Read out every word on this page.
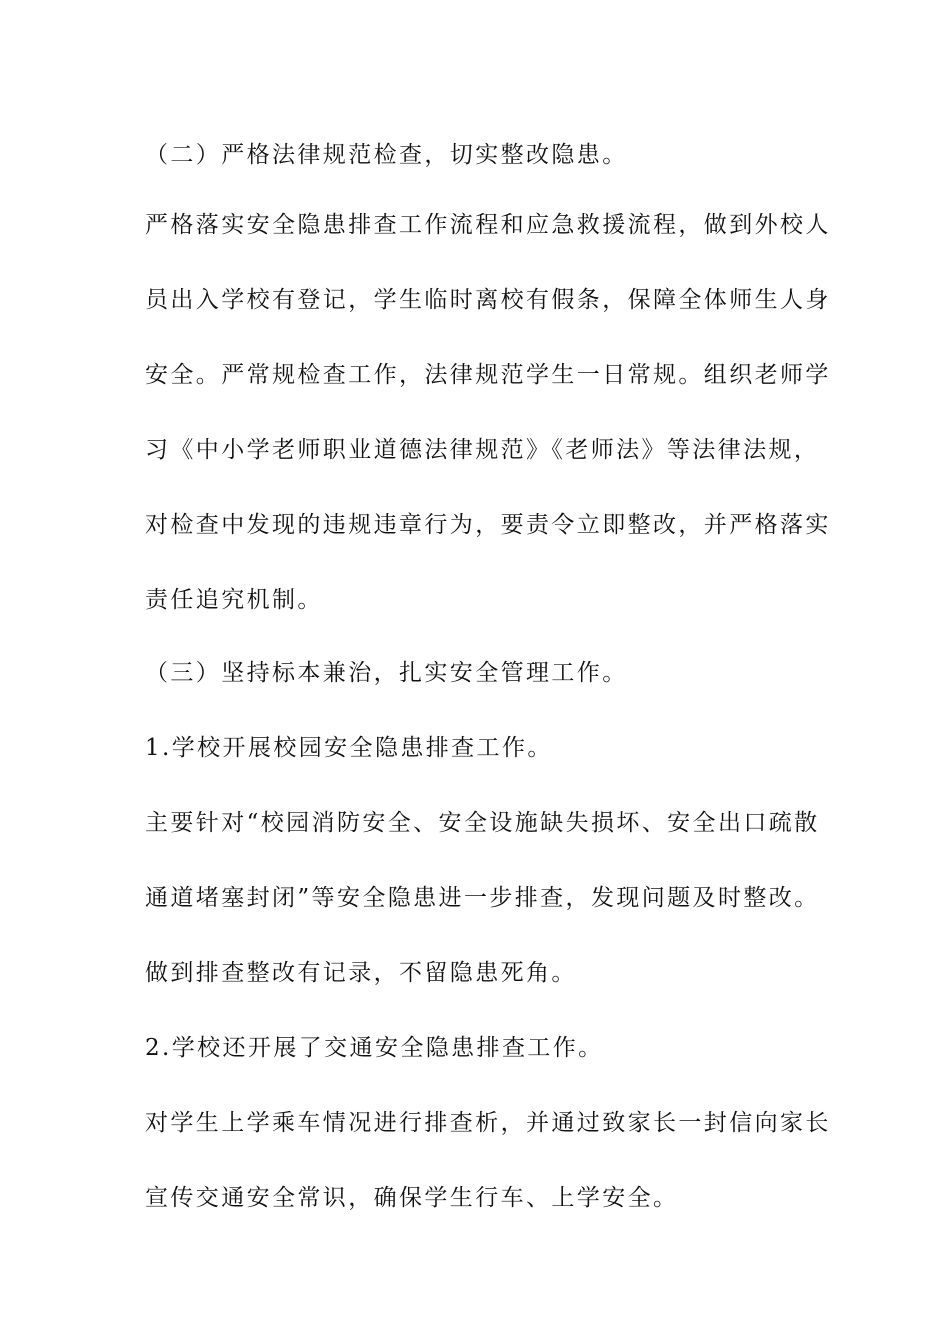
（二）严格法律规范检查，切实整改隐患。
严格落实安全隐患排查工作流程和应急救援流程，做到外校人
员出入学校有登记，学生临时离校有假条，保障全体师生人身
安全。严常规检查工作，法律规范学生一日常规。组织老师学
习《中小学老师职业道德法律规范》《老师法》等法律法规，
对检查中发现的违规违章行为，要责令立即整改，并严格落实
责任追究机制。
（三）坚持标本兼治，扎实安全管理工作。
1.学校开展校园安全隐患排查工作。
主要针对“校园消防安全、安全设施缺失损坏、安全出口疏散
通道堵塞封闭”等安全隐患进一步排查，发现问题及时整改。
做到排查整改有记录，不留隐患死角。
2.学校还开展了交通安全隐患排查工作。
对学生上学乘车情况进行排查析，并通过致家长一封信向家长
宣传交通安全常识，确保学生行车、上学安全。
